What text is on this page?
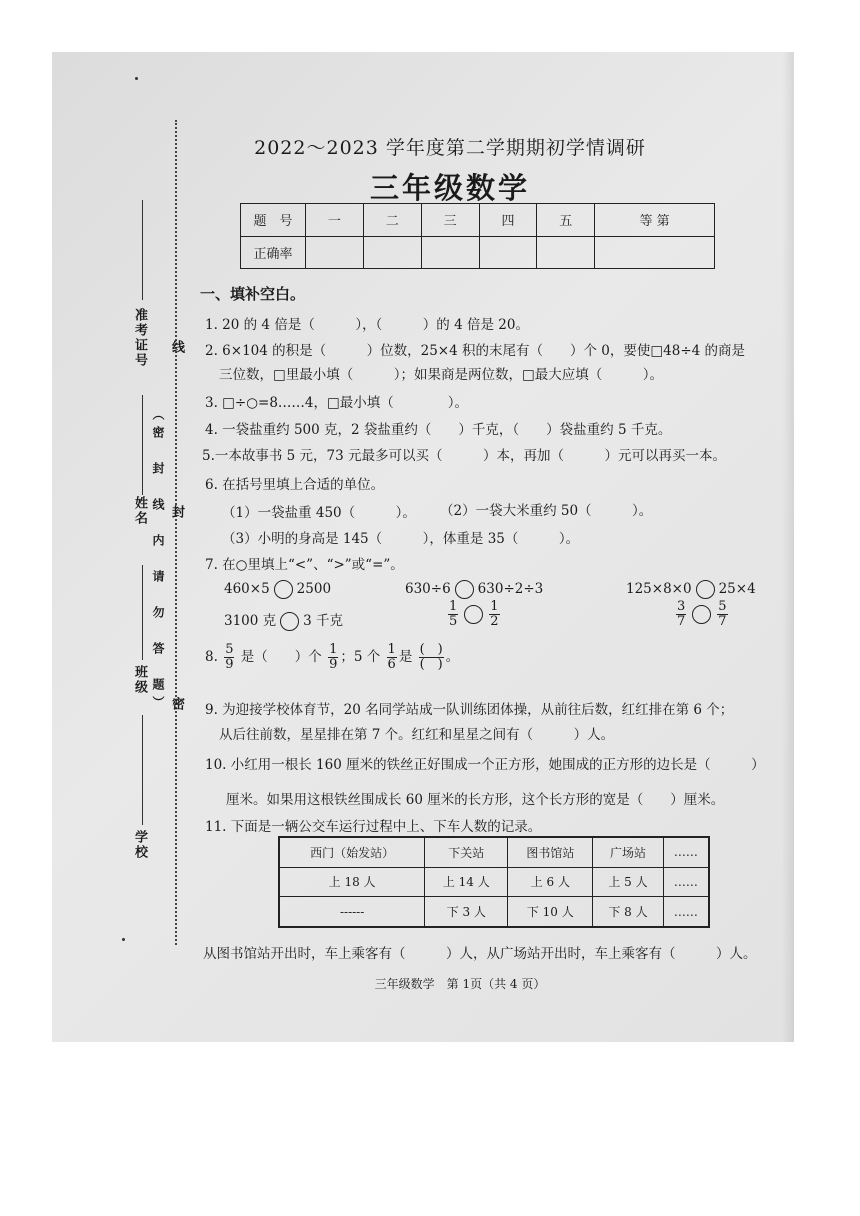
准考证号 线
姓名 封
（密　封　线　内　请　勿　答　题）
班级
密
学校
2022～2023 学年度第二学期期初学情调研
三年级数学
题　号	一	二	三	四	五	等 第
正确率						
一、填补空白。
1. 20 的 4 倍是（　　　），（　　　）的 4 倍是 20。
2. 6×104 的积是（　　　）位数，25×4 积的末尾有（　　）个 0，要使□48÷4 的商是
三位数，□里最小填（　　　）；如果商是两位数，□最大应填（　　　）。
3. □÷○=8……4，□最小填（　　　　）。
4. 一袋盐重约 500 克，2 袋盐重约（　　）千克，（　　）袋盐重约 5 千克。
5.一本故事书 5 元，73 元最多可以买（　　　）本，再加（　　　）元可以再买一本。
6. 在括号里填上合适的单位。
（1）一袋盐重 450（　　　）。 （2）一袋大米重约 50（　　　）。
（3）小明的身高是 145（　　　），体重是 35（　　　）。
7. 在○里填上“<”、“>”或“=”。
460×5 2500	630÷6 630÷2÷3	125×8×0 25×4
3100 克 3 千克	$\frac{1}{5} \frac{1}{2}$	$\frac{3}{7} \frac{5}{7}$
8. $\frac{5}{9}$ 是（　　）个 $\frac{1}{9}$ ；5 个 $\frac{1}{6}$ 是 $\frac{( )}{( )}$ 。
9. 为迎接学校体育节，20 名同学站成一队训练团体操，从前往后数，红红排在第 6 个；
从后往前数，星星排在第 7 个。红红和星星之间有（　　　）人。
10. 小红用一根长 160 厘米的铁丝正好围成一个正方形，她围成的正方形的边长是（　　　）
厘米。如果用这根铁丝围成长 60 厘米的长方形，这个长方形的宽是（　　）厘米。
11. 下面是一辆公交车运行过程中上、下车人数的记录。
西门（始发站）	下关站	图书馆站	广场站	……
上 18 人	上 14 人	上 6 人	上 5 人	……
------	下 3 人	下 10 人	下 8 人	……
从图书馆站开出时，车上乘客有（　　　）人，从广场站开出时，车上乘客有（　　　）人。
三年级数学　第 1页（共 4 页）
